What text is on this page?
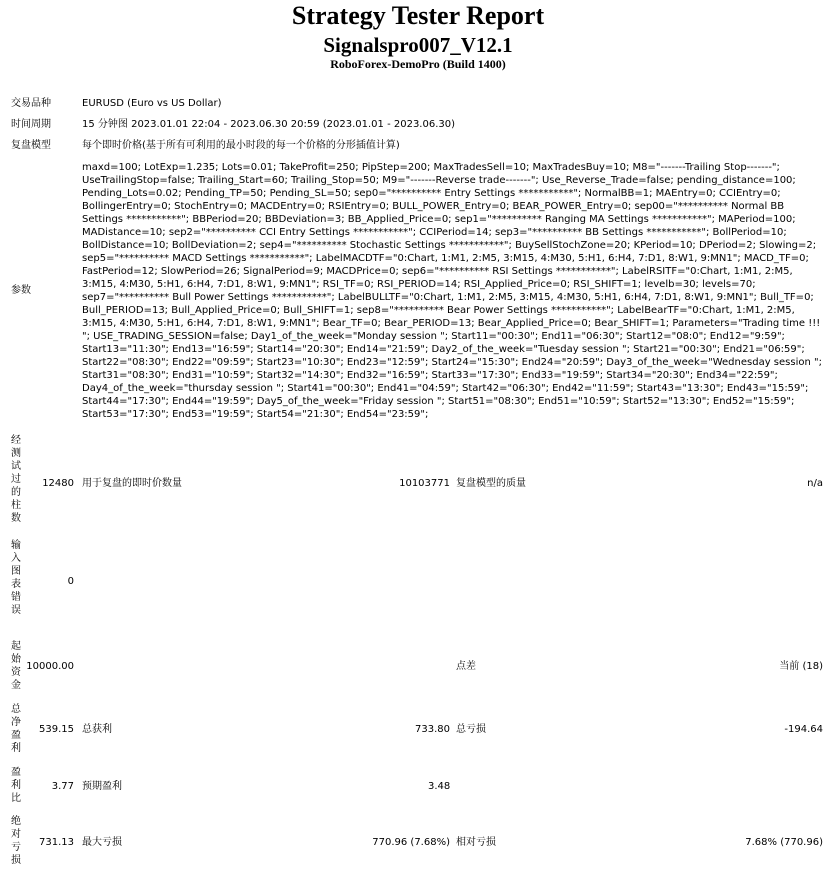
Strategy Tester Report
Signalspro007_V12.1
RoboForex-DemoPro (Build 1400)
交易品种	EURUSD (Euro vs US Dollar)
时间周期	15 分钟图 2023.01.01 22:04 - 2023.06.30 20:59 (2023.01.01 - 2023.06.30)
复盘模型	每个即时价格(基于所有可利用的最小时段的每一个价格的分形插值计算)
参数
maxd=100; LotExp=1.235; Lots=0.01; TakeProfit=250; PipStep=200; MaxTradesSell=10; MaxTradesBuy=10; M8="-------Trailing Stop-------"; UseTrailingStop=false; Trailing_Start=60; Trailing_Stop=50; M9="-------Reverse trade-------"; Use_Reverse_Trade=false; pending_distance=100; Pending_Lots=0.02; Pending_TP=50; Pending_SL=50; sep0="********** Entry Settings ***********"; NormalBB=1; MAEntry=0; CCIEntry=0; BollingerEntry=0; StochEntry=0; MACDEntry=0; RSIEntry=0; BULL_POWER_Entry=0; BEAR_POWER_Entry=0; sep00="********** Normal BB Settings ***********"; BBPeriod=20; BBDeviation=3; BB_Applied_Price=0; sep1="********** Ranging MA Settings ***********"; MAPeriod=100; MADistance=10; sep2="********** CCI Entry Settings ***********"; CCIPeriod=14; sep3="********** BB Settings ***********"; BollPeriod=10; BollDistance=10; BollDeviation=2; sep4="********** Stochastic Settings ***********"; BuySellStochZone=20; KPeriod=10; DPeriod=2; Slowing=2; sep5="********** MACD Settings ***********"; LabelMACDTF="0:Chart, 1:M1, 2:M5, 3:M15, 4:M30, 5:H1, 6:H4, 7:D1, 8:W1, 9:MN1"; MACD_TF=0; FastPeriod=12; SlowPeriod=26; SignalPeriod=9; MACDPrice=0; sep6="********** RSI Settings ***********"; LabelRSITF="0:Chart, 1:M1, 2:M5, 3:M15, 4:M30, 5:H1, 6:H4, 7:D1, 8:W1, 9:MN1"; RSI_TF=0; RSI_PERIOD=14; RSI_Applied_Price=0; RSI_SHIFT=1; levelb=30; levels=70; sep7="********** Bull Power Settings ***********"; LabelBULLTF="0:Chart, 1:M1, 2:M5, 3:M15, 4:M30, 5:H1, 6:H4, 7:D1, 8:W1, 9:MN1"; Bull_TF=0; Bull_PERIOD=13; Bull_Applied_Price=0; Bull_SHIFT=1; sep8="********** Bear Power Settings ***********"; LabelBearTF="0:Chart, 1:M1, 2:M5, 3:M15, 4:M30, 5:H1, 6:H4, 7:D1, 8:W1, 9:MN1"; Bear_TF=0; Bear_PERIOD=13; Bear_Applied_Price=0; Bear_SHIFT=1; Parameters="Trading time !!! "; USE_TRADING_SESSION=false; Day1_of_the_week="Monday session "; Start11="00:30"; End11="06:30"; Start12="08:0"; End12="9:59"; Start13="11:30"; End13="16:59"; Start14="20:30"; End14="21:59"; Day2_of_the_week="Tuesday session "; Start21="00:30"; End21="06:59"; Start22="08:30"; End22="09:59"; Start23="10:30"; End23="12:59"; Start24="15:30"; End24="20:59"; Day3_of_the_week="Wednesday session "; Start31="08:30"; End31="10:59"; Start32="14:30"; End32="16:59"; Start33="17:30"; End33="19:59"; Start34="20:30"; End34="22:59"; Day4_of_the_week="thursday session "; Start41="00:30"; End41="04:59"; Start42="06:30"; End42="11:59"; Start43="13:30"; End43="15:59"; Start44="17:30"; End44="19:59"; Day5_of_the_week="Friday session "; Start51="08:30"; End51="10:59"; Start52="13:30"; End52="15:59"; Start53="17:30"; End53="19:59"; Start54="21:30"; End54="23:59";
经
测
试
过
的
柱
数
12480 用于复盘的即时价数量	10103771 复盘模型的质量	n/a
输
入
图
表
错
误
0
起
始
资
金
10000.00	点差	当前 (18)
总
净
盈
利
539.15 总获利	733.80 总亏损	-194.64
盈
利
比
3.77 预期盈利	3.48
绝
对
亏
损
731.13 最大亏损	770.96 (7.68%) 相对亏损	7.68% (770.96)
